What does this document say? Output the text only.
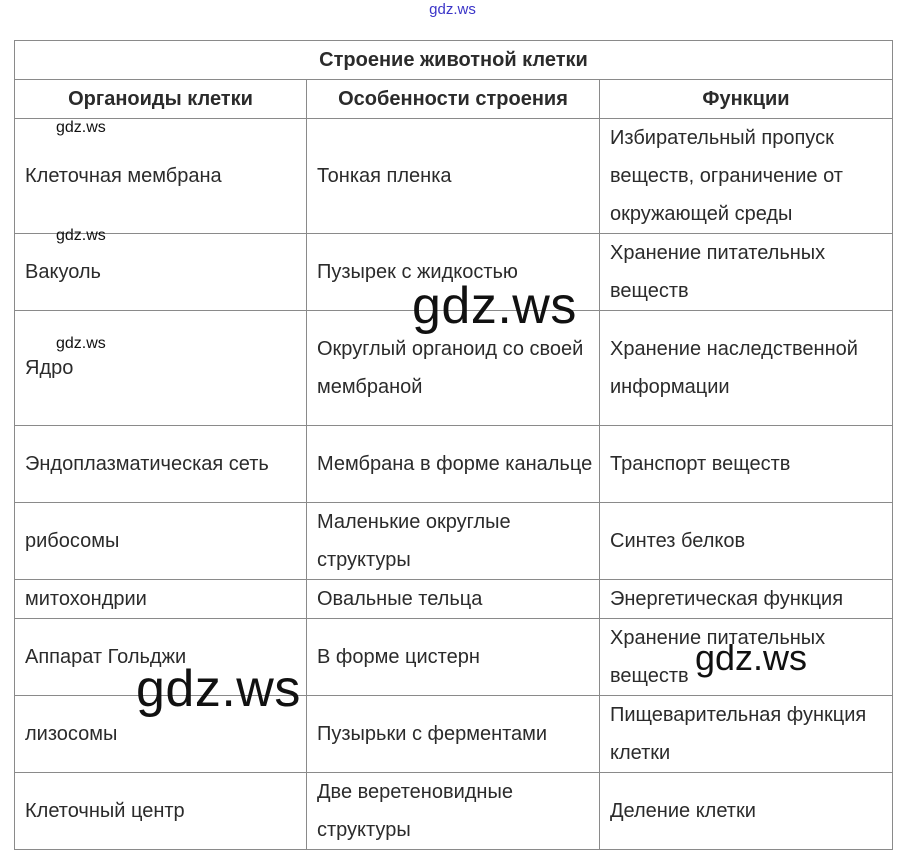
gdz.ws
Строение животной клетки		
Органоиды клетки	Особенности строения	Функции
Клеточная мембрана	Тонкая пленка	Избирательный пропуск веществ, ограничение от окружающей среды
Вакуоль	Пузырек с жидкостью	Хранение питательных веществ
Ядро	Округлый органоид со своей мембраной	Хранение наследственной информации
Эндоплазматическая сеть	Мембрана в форме канальце	Транспорт веществ
рибосомы	Маленькие округлые структуры	Синтез белков
митохондрии	Овальные тельца	Энергетическая функция
Аппарат Гольджи	В форме цистерн	Хранение питательных веществ
лизосомы	Пузырьки с ферментами	Пищеварительная функция клетки
Клеточный центр	Две веретеновидные структуры	Деление клетки
gdz.ws
gdz.ws
gdz.ws
gdz.ws
gdz.ws
gdz.ws
